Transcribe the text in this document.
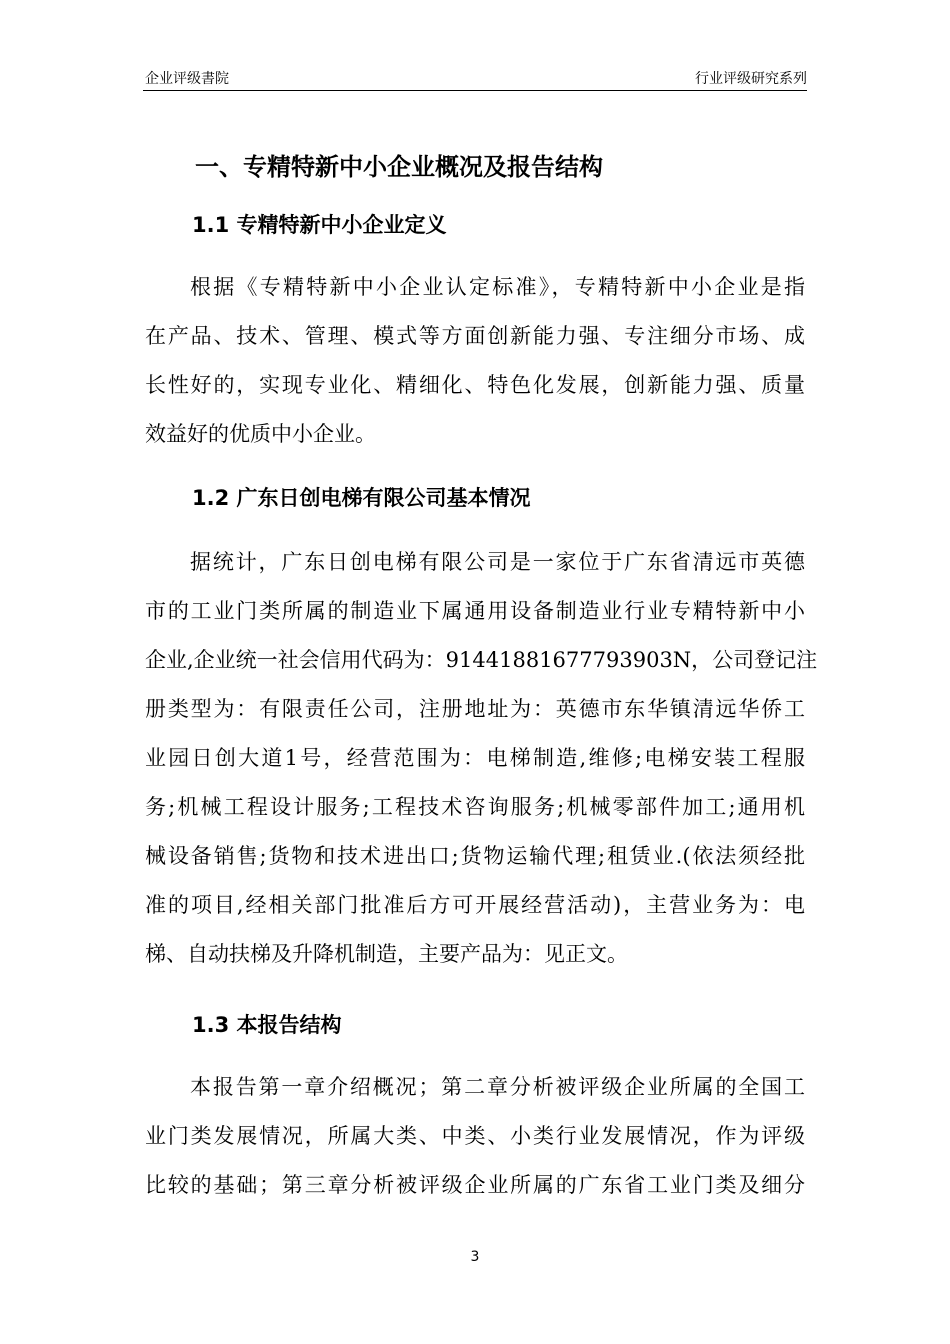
企业评级書院	行业评级研究系列
一、专精特新中小企业概况及报告结构
1.1 专精特新中小企业定义
根据《专精特新中小企业认定标准》，专精特新中小企业是指
在产品、技术、管理、模式等方面创新能力强、专注细分市场、成
长性好的，实现专业化、精细化、特色化发展，创新能力强、质量
效益好的优质中小企业。
1.2 广东日创电梯有限公司基本情况
据统计，广东日创电梯有限公司是一家位于广东省清远市英德
市的工业门类所属的制造业下属通用设备制造业行业专精特新中小
企业,企业统一社会信用代码为：91441881677793903N，公司登记注
册类型为：有限责任公司，注册地址为：英德市东华镇清远华侨工
业园日创大道1号，经营范围为：电梯制造,维修;电梯安装工程服
务;机械工程设计服务;工程技术咨询服务;机械零部件加工;通用机
械设备销售;货物和技术进出口;货物运输代理;租赁业.(依法须经批
准的项目,经相关部门批准后方可开展经营活动)，主营业务为：电
梯、自动扶梯及升降机制造，主要产品为：见正文。
1.3 本报告结构
本报告第一章介绍概况；第二章分析被评级企业所属的全国工
业门类发展情况，所属大类、中类、小类行业发展情况，作为评级
比较的基础；第三章分析被评级企业所属的广东省工业门类及细分
3
